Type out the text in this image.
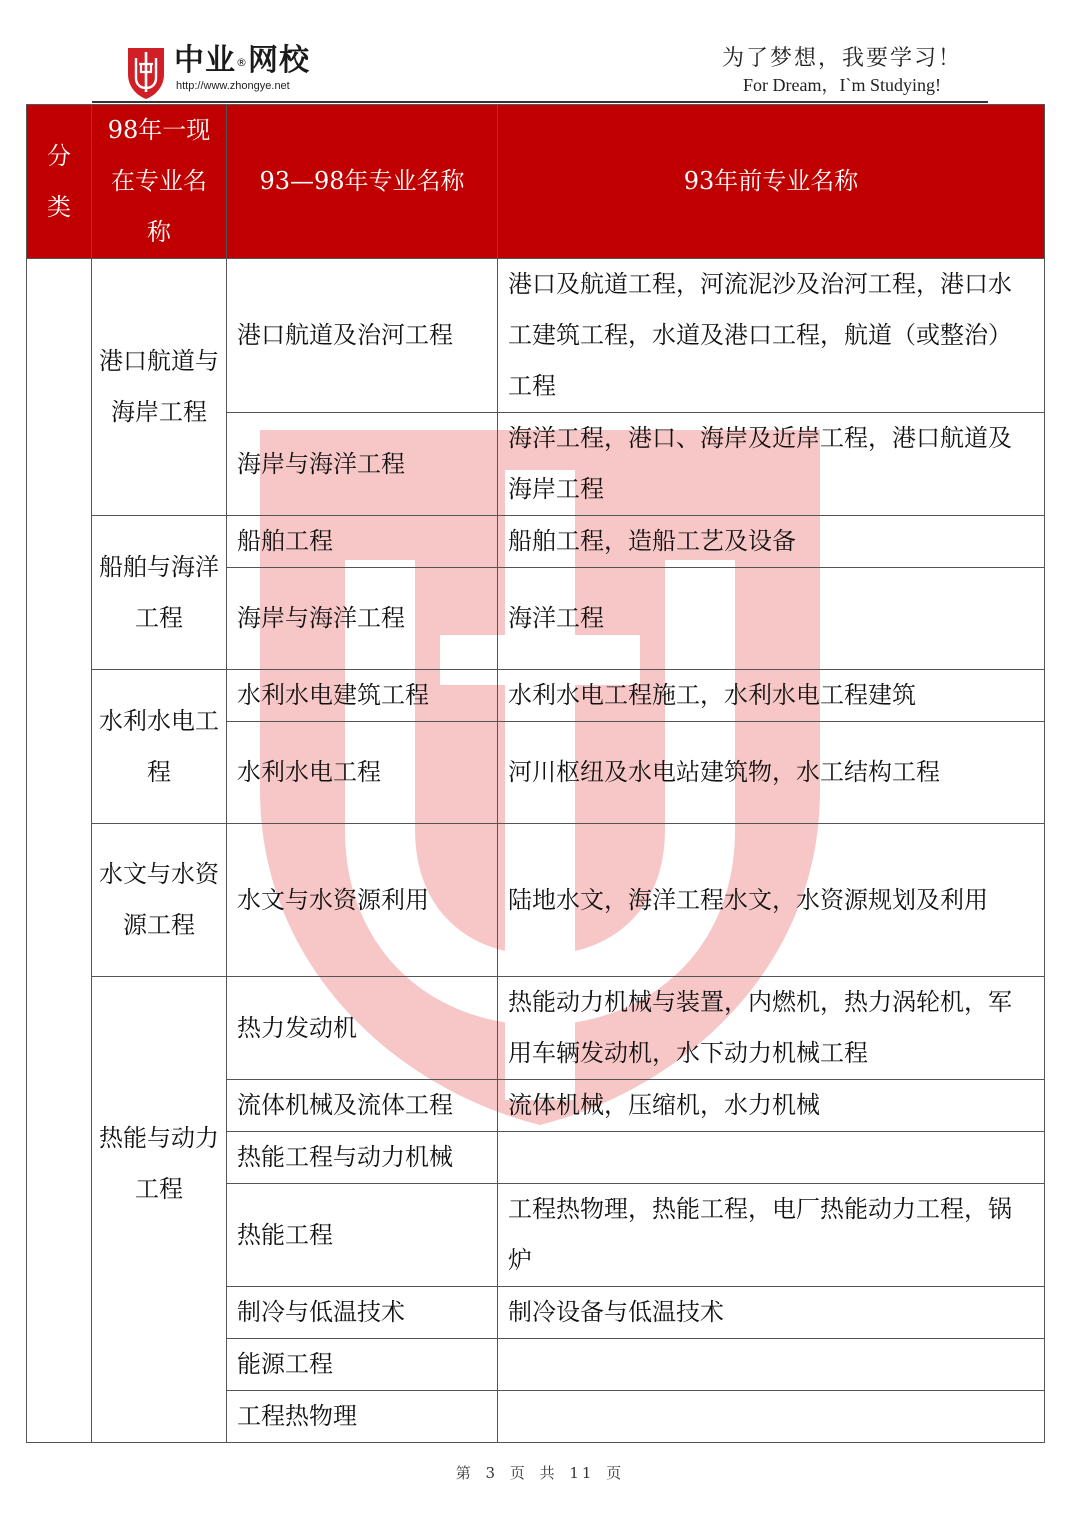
中业®网校
http://www.zhongye.net
为了梦想，我要学习！
For Dream，I`m Studying!
分
类

98年一现
在专业名
称
	93—98年专业名称	93年前专业名称
	港口航道与海岸工程	港口航道及治河工程	港口及航道工程，河流泥沙及治河工程，港口水工建筑工程，水道及港口工程，航道（或整治）工程
		海岸与海洋工程	海洋工程，港口、海岸及近岸工程，港口航道及海岸工程
	船舶与海洋工程	船舶工程	船舶工程，造船工艺及设备
		海岸与海洋工程	海洋工程
	水利水电工程	水利水电建筑工程	水利水电工程施工，水利水电工程建筑
		水利水电工程	河川枢纽及水电站建筑物，水工结构工程
	水文与水资源工程	水文与水资源利用	陆地水文，海洋工程水文，水资源规划及利用
	热能与动力工程	热力发动机	热能动力机械与装置，内燃机，热力涡轮机，军用车辆发动机，水下动力机械工程
		流体机械及流体工程	流体机械，压缩机，水力机械
		热能工程与动力机械	
		热能工程	工程热物理，热能工程，电厂热能动力工程，锅炉
		制冷与低温技术	制冷设备与低温技术
		能源工程	
		工程热物理	
第 3 页 共 11 页
